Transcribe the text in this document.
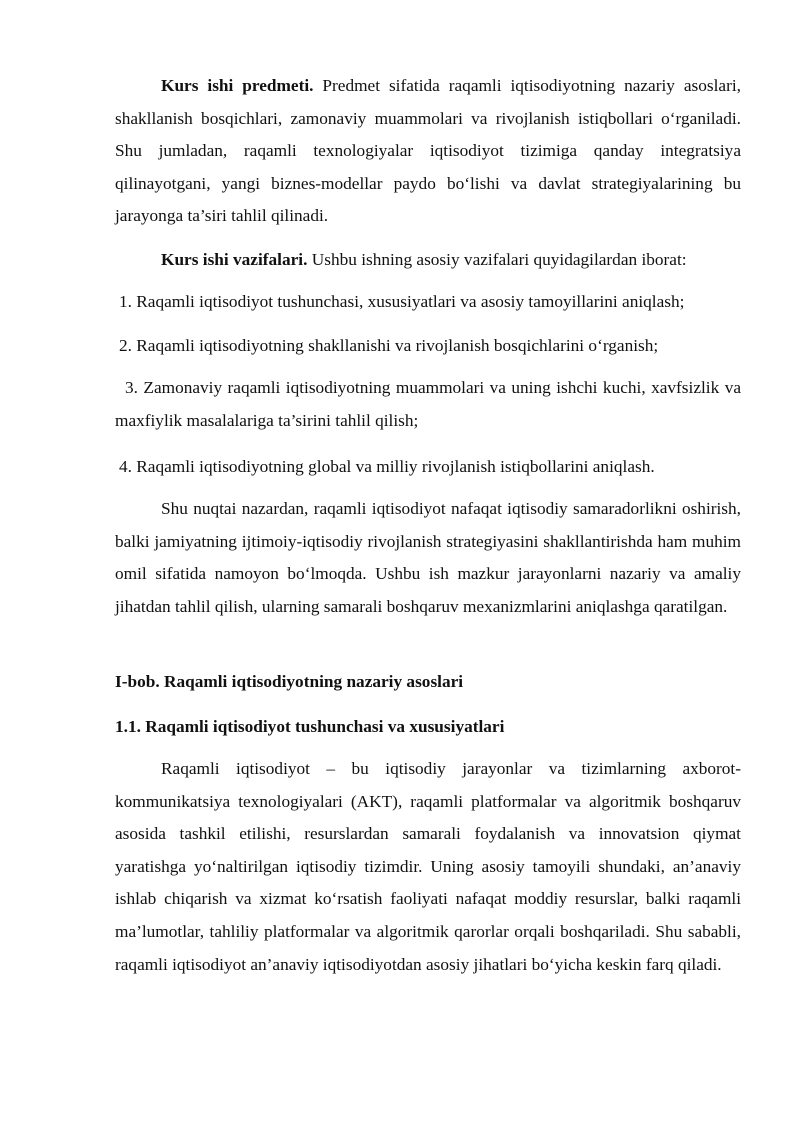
Kurs ishi predmeti. Predmet sifatida raqamli iqtisodiyotning nazariy asoslari, shakllanish bosqichlari, zamonaviy muammolari va rivojlanish istiqbollari o‘rganiladi. Shu jumladan, raqamli texnologiyalar iqtisodiyot tizimiga qanday integratsiya qilinayotgani, yangi biznes-modellar paydo bo‘lishi va davlat strategiyalarining bu jarayonga ta’siri tahlil qilinadi.

Kurs ishi vazifalari. Ushbu ishning asosiy vazifalari quyidagilardan iborat:

1. Raqamli iqtisodiyot tushunchasi, xususiyatlari va asosiy tamoyillarini aniqlash;
2. Raqamli iqtisodiyotning shakllanishi va rivojlanish bosqichlarini o‘rganish;

3. Zamonaviy raqamli iqtisodiyotning muammolari va uning ishchi kuchi, xavfsizlik va maxfiylik masalalariga ta’sirini tahlil qilish;

4. Raqamli iqtisodiyotning global va milliy rivojlanish istiqbollarini aniqlash.

Shu nuqtai nazardan, raqamli iqtisodiyot nafaqat iqtisodiy samaradorlikni oshirish, balki jamiyatning ijtimoiy-iqtisodiy rivojlanish strategiyasini shakllantirishda ham muhim omil sifatida namoyon bo‘lmoqda. Ushbu ish mazkur jarayonlarni nazariy va amaliy jihatdan tahlil qilish, ularning samarali boshqaruv mexanizmlarini aniqlashga qaratilgan.

I-bob. Raqamli iqtisodiyotning nazariy asoslari
1.1. Raqamli iqtisodiyot tushunchasi va xususiyatlari

Raqamli iqtisodiyot – bu iqtisodiy jarayonlar va tizimlarning axborot-kommunikatsiya texnologiyalari (AKT), raqamli platformalar va algoritmik boshqaruv asosida tashkil etilishi, resurslardan samarali foydalanish va innovatsion qiymat yaratishga yo‘naltirilgan iqtisodiy tizimdir. Uning asosiy tamoyili shundaki, an’anaviy ishlab chiqarish va xizmat ko‘rsatish faoliyati nafaqat moddiy resurslar, balki raqamli ma’lumotlar, tahliliy platformalar va algoritmik qarorlar orqali boshqariladi. Shu sababli, raqamli iqtisodiyot an’anaviy iqtisodiyotdan asosiy jihatlari bo‘yicha keskin farq qiladi.
